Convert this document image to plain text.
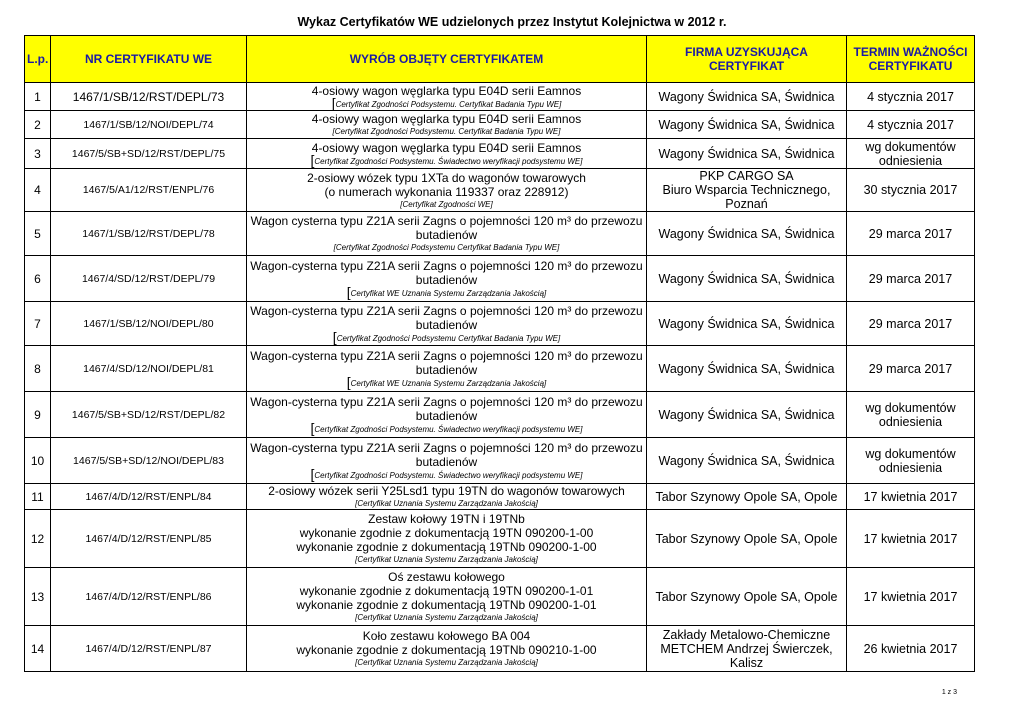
Wykaz Certyfikatów WE udzielonych przez Instytut Kolejnictwa w 2012 r.
L.p.	NR CERTYFIKATU WE	WYRÓB OBJĘTY CERTYFIKATEM	FIRMA UZYSKUJĄCA CERTYFIKAT	TERMIN WAŻNOŚCI CERTYFIKATU
1	1467/1/SB/12/RST/DEPL/73	4-osiowy wagon węglarka typu E04D serii Eamnos
[ Certyfikat Zgodności Podsystemu. Certyfikat Badania Typu WE ]	Wagony Świdnica SA, Świdnica	4 stycznia 2017

2	1467/1/SB/12/NOI/DEPL/74	4-osiowy wagon węglarka typu E04D serii Eamnos
[ Certyfikat Zgodności Podsystemu. Certyfikat Badania Typu WE ]	Wagony Świdnica SA, Świdnica	4 stycznia 2017

3	1467/5/SB+SD/12/RST/DEPL/75	4-osiowy wagon węglarka typu E04D serii Eamnos
[ Certyfikat Zgodności Podsystemu. Świadectwo weryfikacji podsystemu WE ]	Wagony Świdnica SA, Świdnica	wg dokumentów
odniesienia

4	1467/5/A1/12/RST/ENPL/76	2-osiowy wózek typu 1XTa do wagonów towarowych
(o numerach wykonania 119337 oraz 228912)
[ Certyfikat Zgodności WE ]	PKP CARGO SA
Biuro Wsparcia Technicznego,
Poznań	30 stycznia 2017

5	1467/1/SB/12/RST/DEPL/78	Wagon cysterna typu Z21A serii Zagns o pojemności 120 m³ do przewozu
butadienów
[ Certyfikat Zgodności Podsystemu Certyfikat Badania Typu WE ]	Wagony Świdnica SA, Świdnica	29 marca 2017

6	1467/4/SD/12/RST/DEPL/79	Wagon-cysterna typu Z21A serii Zagns o pojemności 120 m³ do przewozu
butadienów
[ Certyfikat WE Uznania Systemu Zarządzania Jakością ]	Wagony Świdnica SA, Świdnica	29 marca 2017

7	1467/1/SB/12/NOI/DEPL/80	Wagon-cysterna typu Z21A serii Zagns o pojemności 120 m³ do przewozu
butadienów
[ Certyfikat Zgodności Podsystemu Certyfikat Badania Typu WE ]	Wagony Świdnica SA, Świdnica	29 marca 2017

8	1467/4/SD/12/NOI/DEPL/81	Wagon-cysterna typu Z21A serii Zagns o pojemności 120 m³ do przewozu
butadienów
[ Certyfikat WE Uznania Systemu Zarządzania Jakością ]	Wagony Świdnica SA, Świdnica	29 marca 2017

9	1467/5/SB+SD/12/RST/DEPL/82	Wagon-cysterna typu Z21A serii Zagns o pojemności 120 m³ do przewozu
butadienów
[ Certyfikat Zgodności Podsystemu. Świadectwo weryfikacji podsystemu WE ]	Wagony Świdnica SA, Świdnica	wg dokumentów
odniesienia

10	1467/5/SB+SD/12/NOI/DEPL/83	Wagon-cysterna typu Z21A serii Zagns o pojemności 120 m³ do przewozu
butadienów
[ Certyfikat Zgodności Podsystemu. Świadectwo weryfikacji podsystemu WE ]	Wagony Świdnica SA, Świdnica	wg dokumentów
odniesienia

11	1467/4/D/12/RST/ENPL/84	2-osiowy wózek serii Y25Lsd1 typu 19TN do wagonów towarowych
[ Certyfikat Uznania Systemu Zarządzania Jakością ]	Tabor Szynowy Opole SA, Opole	17 kwietnia 2017

12	1467/4/D/12/RST/ENPL/85	Zestaw kołowy 19TN i 19TNb
wykonanie zgodnie z dokumentacją 19TN 090200-1-00
wykonanie zgodnie z dokumentacją 19TNb 090200-1-00
[ Certyfikat Uznania Systemu Zarządzania Jakością ]	Tabor Szynowy Opole SA, Opole	17 kwietnia 2017

13	1467/4/D/12/RST/ENPL/86	Oś zestawu kołowego
wykonanie zgodnie z dokumentacją 19TN 090200-1-01
wykonanie zgodnie z dokumentacją 19TNb 090200-1-01
[ Certyfikat Uznania Systemu Zarządzania Jakością ]	Tabor Szynowy Opole SA, Opole	17 kwietnia 2017

14	1467/4/D/12/RST/ENPL/87	Koło zestawu kołowego BA 004
wykonanie zgodnie z dokumentacją 19TNb 090210-1-00
[ Certyfikat Uznania Systemu Zarządzania Jakością ]	Zakłady Metalowo-Chemiczne
METCHEM Andrzej Świerczek,
Kalisz	26 kwietnia 2017
1 z 3
